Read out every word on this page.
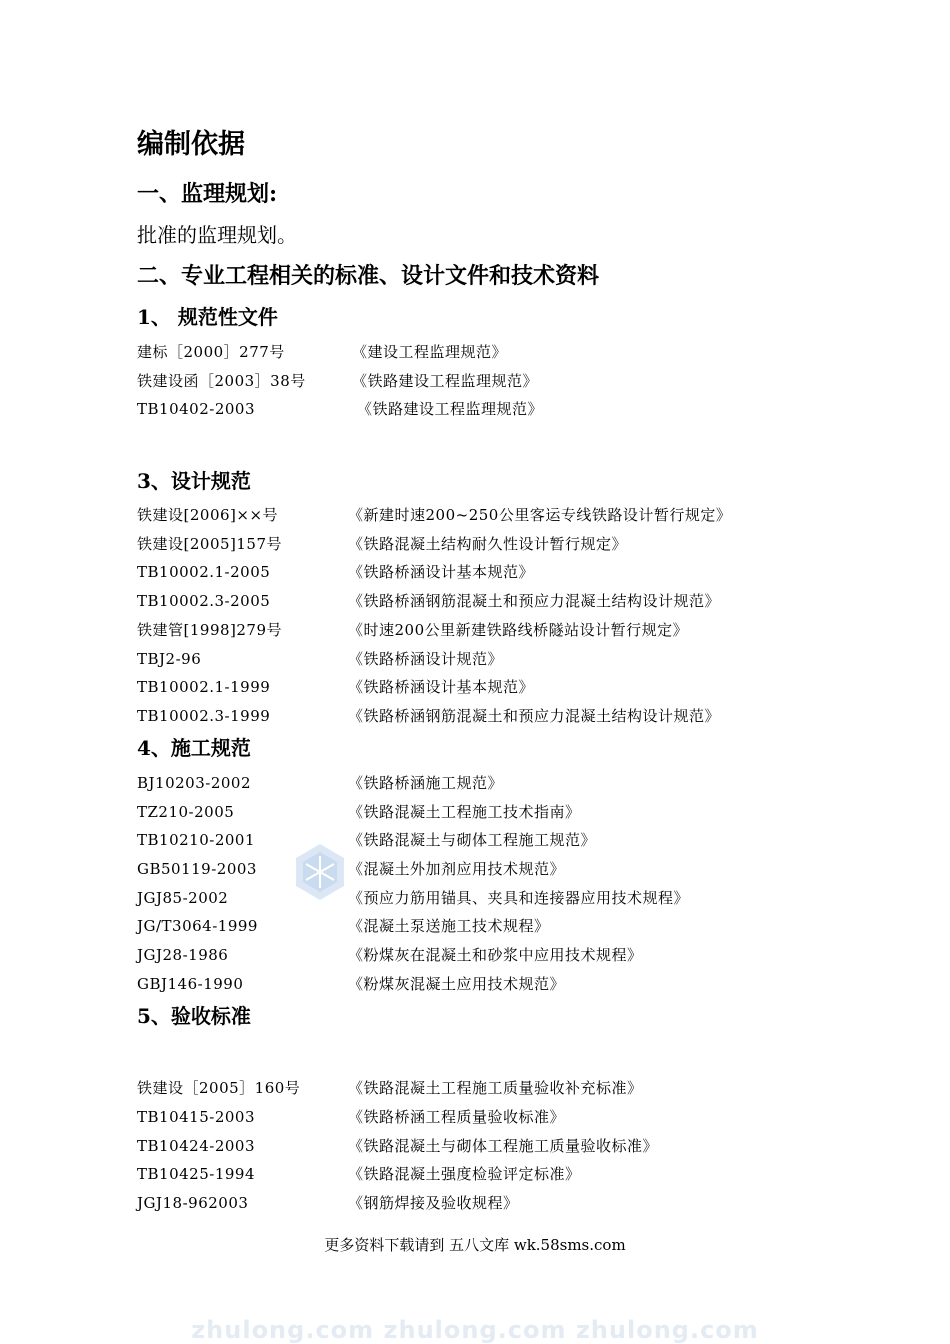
编制依据
一、监理规划:
批准的监理规划。
二、专业工程相关的标准、设计文件和技术资料
1、 规范性文件
建标［2000］277号	《建设工程监理规范》
铁建设函［2003］38号	《铁路建设工程监理规范》
TB10402-2003	《铁路建设工程监理规范》
3、设计规范
铁建设[2006]××号	《新建时速200~250公里客运专线铁路设计暂行规定》
铁建设[2005]157号	《铁路混凝土结构耐久性设计暂行规定》
TB10002.1-2005	《铁路桥涵设计基本规范》
TB10002.3-2005	《铁路桥涵钢筋混凝土和预应力混凝土结构设计规范》
铁建管[1998]279号	《时速200公里新建铁路线桥隧站设计暂行规定》
TBJ2-96	《铁路桥涵设计规范》
TB10002.1-1999	《铁路桥涵设计基本规范》
TB10002.3-1999	《铁路桥涵钢筋混凝土和预应力混凝土结构设计规范》
4、施工规范
BJ10203-2002	《铁路桥涵施工规范》
TZ210-2005	《铁路混凝土工程施工技术指南》
TB10210-2001	《铁路混凝土与砌体工程施工规范》
GB50119-2003	《混凝土外加剂应用技术规范》
JGJ85-2002	《预应力筋用锚具、夹具和连接器应用技术规程》
JG/T3064-1999	《混凝土泵送施工技术规程》
JGJ28-1986	《粉煤灰在混凝土和砂浆中应用技术规程》
GBJ146-1990	《粉煤灰混凝土应用技术规范》
5、验收标准
铁建设［2005］160号	《铁路混凝土工程施工质量验收补充标准》
TB10415-2003	《铁路桥涵工程质量验收标准》
TB10424-2003	《铁路混凝土与砌体工程施工质量验收标准》
TB10425-1994	《铁路混凝土强度检验评定标准》
JGJ18-962003	《钢筋焊接及验收规程》
更多资料下载请到 五八文库 wk.58sms.com
zhulong.com zhulong.com zhulong.com
